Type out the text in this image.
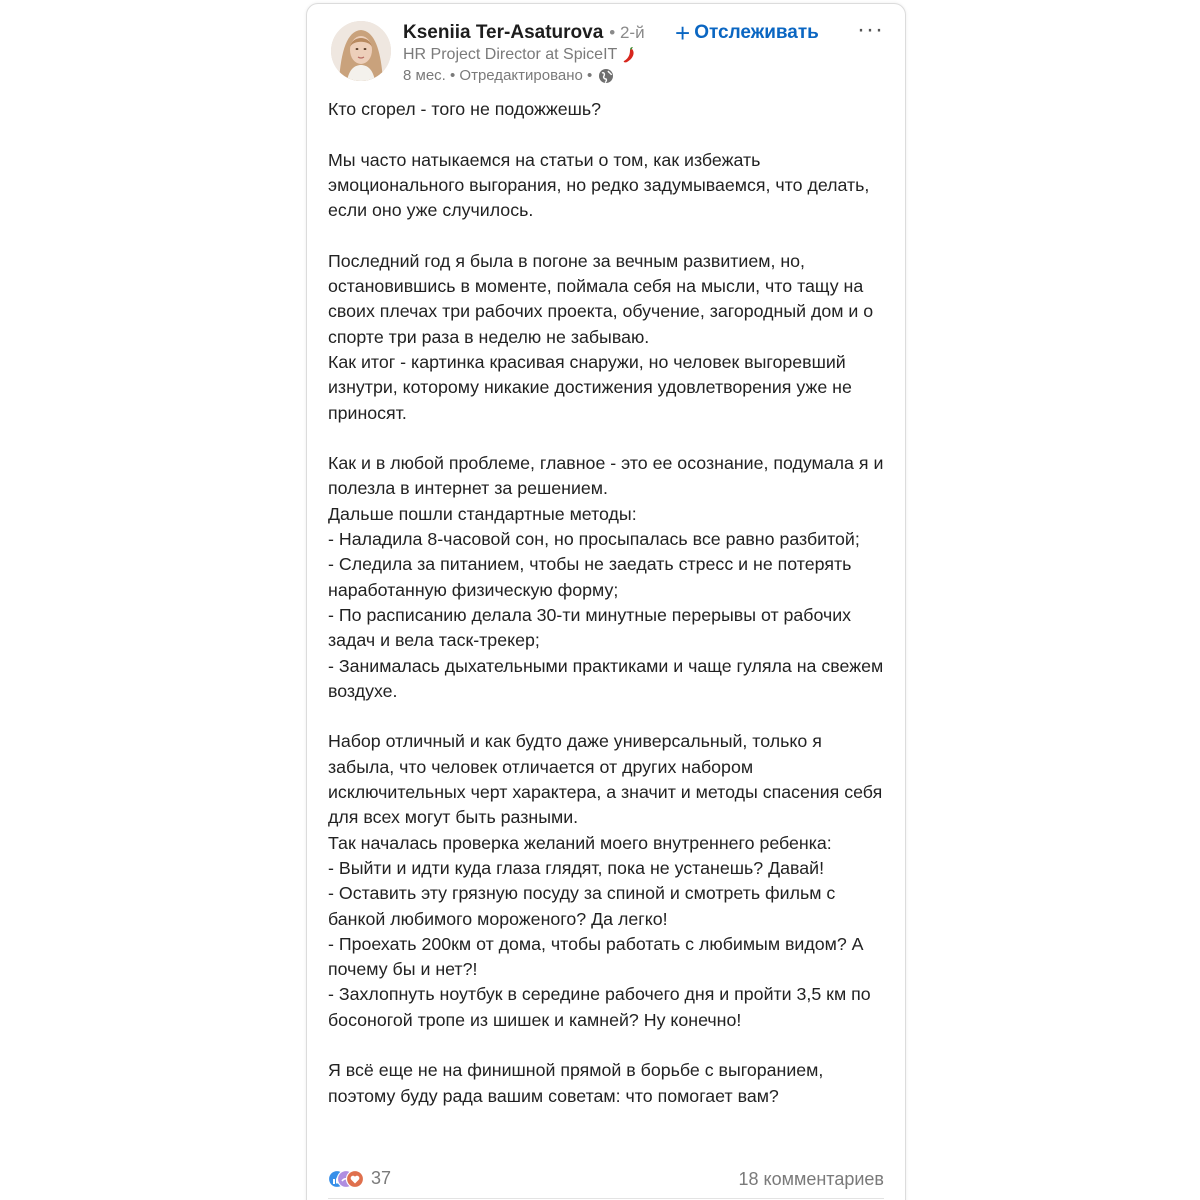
Kseniia Ter-Asaturova • 2-й
HR Project Director at SpiceIT
8 мес. • Отредактировано •
+ Отслеживать ···

Кто сгорел - того не подожжешь?

Мы часто натыкаемся на статьи о том, как избежать эмоционального выгорания, но редко задумываемся, что делать, если оно уже случилось.

Последний год я была в погоне за вечным развитием, но, остановившись в моменте, поймала себя на мысли, что тащу на своих плечах три рабочих проекта, обучение, загородный дом и о спорте три раза в неделю не забываю.
Как итог - картинка красивая снаружи, но человек выгоревший изнутри, которому никакие достижения удовлетворения уже не приносят.

Как и в любой проблеме, главное - это ее осознание, подумала я и полезла в интернет за решением.
Дальше пошли стандартные методы:
- Наладила 8-часовой сон, но просыпалась все равно разбитой;
- Следила за питанием, чтобы не заедать стресс и не потерять наработанную физическую форму;
- По расписанию делала 30-ти минутные перерывы от рабочих задач и вела таск-трекер;
- Занималась дыхательными практиками и чаще гуляла на свежем воздухе.

Набор отличный и как будто даже универсальный, только я забыла, что человек отличается от других набором исключительных черт характера, а значит и методы спасения себя для всех могут быть разными.
Так началась проверка желаний моего внутреннего ребенка:
- Выйти и идти куда глаза глядят, пока не устанешь? Давай!
- Оставить эту грязную посуду за спиной и смотреть фильм с банкой любимого мороженого? Да легко!
- Проехать 200км от дома, чтобы работать с любимым видом? А почему бы и нет?!
- Захлопнуть ноутбук в середине рабочего дня и пройти 3,5 км по босоногой тропе из шишек и камней? Ну конечно!

Я всё еще не на финишной прямой в борьбе с выгоранием, поэтому буду рада вашим советам: что помогает вам?

37	18 комментариев
